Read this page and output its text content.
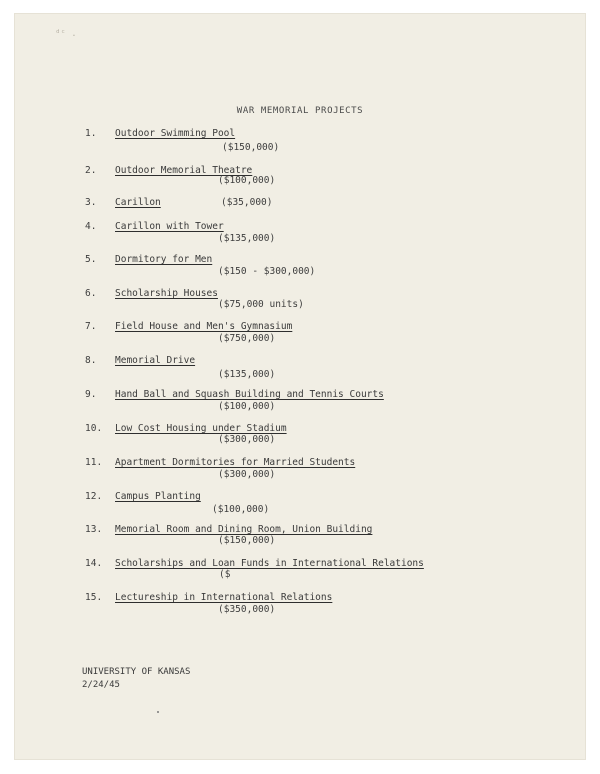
ᵈᶜ .
WAR MEMORIAL PROJECTS
1.	Outdoor Swimming Pool
($150,000)
2.	Outdoor Memorial Theatre
($100,000)
3.	Carillon	($35,000)
4.	Carillon with Tower
($135,000)
5.	Dormitory for Men
($150 - $300,000)
6.	Scholarship Houses
($75,000 units)
7.	Field House and Men's Gymnasium
($750,000)
8.	Memorial Drive
($135,000)
9.	Hand Ball and Squash Building and Tennis Courts
($100,000)
10.	Low Cost Housing under Stadium
($300,000)
11.	Apartment Dormitories for Married Students
($300,000)
12.	Campus Planting
($100,000)
13.	Memorial Room and Dining Room, Union Building
($150,000)
14.	Scholarships and Loan Funds in International Relations
($
15.	Lectureship in International Relations
($350,000)
UNIVERSITY OF KANSAS
2/24/45
